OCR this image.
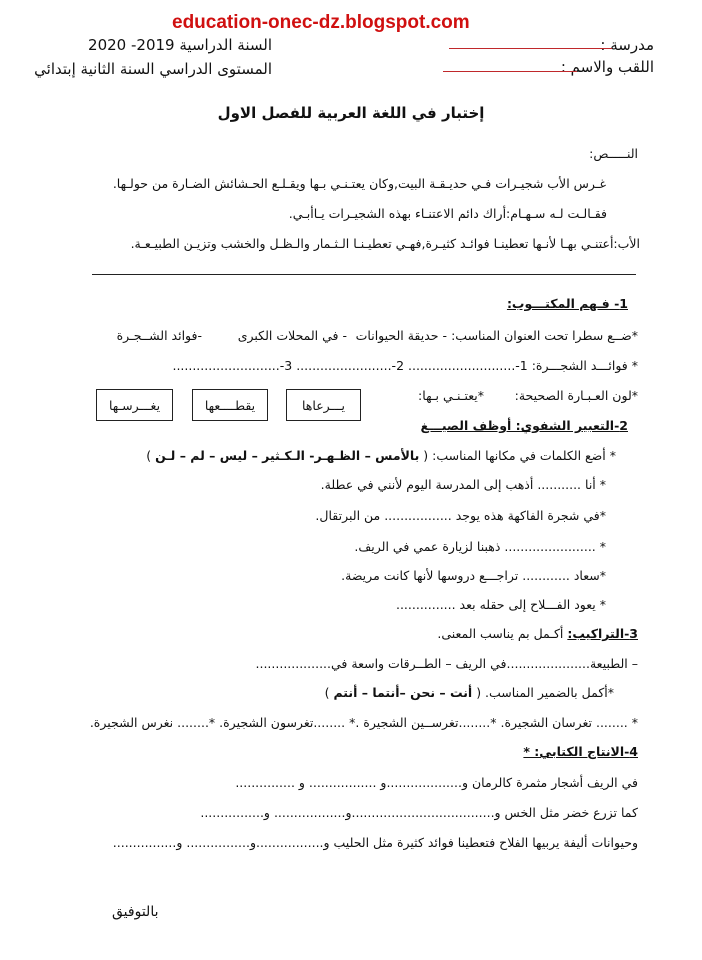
education-onec-dz.blogspot.com
مدرسة :
اللقب والاسم :
السنة الدراسية 2019- 2020
المستوى الدراسي السنة الثانية إبتدائي
إختبار في اللغة العربية للفصل الاول
النـــــص:
غـرس الأب شجيـرات فـي حديـقـة البيت,وكان يعتـنـي بـها ويقـلـع الحـشائش الضـارة من حولـها.
فقـالـت لـه سـهـام:أراك دائم الاعتنـاء بهذه الشجيـرات يـاأبـي.
الأب:أعتنـي بهـا لأنـها تعطينـا فوائـد كثيـرة,فهـي تعطيـنـا الـثـمار والـظـل والخشب وتزيـن الطبيـعـة.
1- فـهم المكتـــوب:
*ضــع سطرا تحت العنوان المناسب:
- حديقة الحيوانات
- في المحلات الكبرى
-فوائد الشــجـرة
* فوائـــد الشجـــرة: 1-........................... 2-........................ 3-...........................
*لون العـبـارة الصحيحة:
*يعتـنـي بـها:
يـــرعاها
يقطــــعها
يغـــرسـها
2-التعبير الشفوي: أوظف الصيـــغ
* أضع الكلمات في مكانها المناسب: ( بالأمس – الظـهـر- الـكـثير – ليس – لم – لـن )
* أنا ........... أذهب إلى المدرسة اليوم لأنني في عطلة.
*في شجرة الفاكهة هذه يوجد ................. من البرتقال.
* ....................... ذهبنا لزيارة عمي في الريف.
*سعاد ............ تراجـــع دروسها لأنها كانت مريضة.
* يعود الفـــلاح إلى حقله بعد ...............
3-التراكيب: أكـمل بم يناسب المعنى.
– الطبيعة.....................في الريف – الطــرقات واسعة في...................
*أكمل بالضمير المناسب. ( أنت – نحن –أنتما – أنتم )
* ........ تغرسان الشجيرة. *........تغرســين الشجيرة .* ........تغرسون الشجيرة. *........ نغرس الشجيرة.
4-الانتاج الكتابي: *
في الريف أشجار مثمرة كالرمان و...................و ................. و ...............
كما تزرع خضر مثل الخس و....................................و.................. و................
وحيوانات أليفة يربيها الفلاح فتعطينا فوائد كثيرة مثل الحليب و.................و................ و................
بالتوفيق
